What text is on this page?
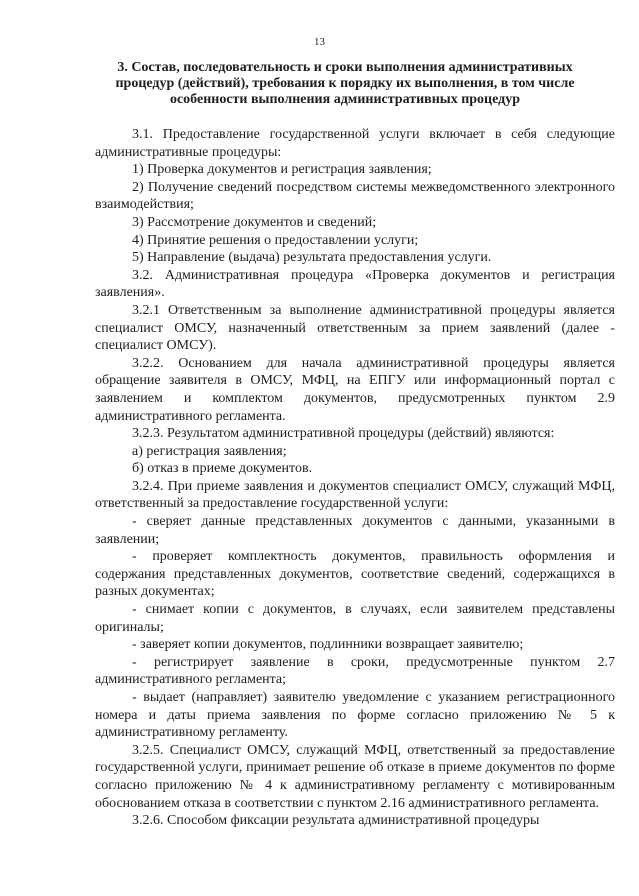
13
3. Состав, последовательность и сроки выполнения административных процедур (действий), требования к порядку их выполнения, в том числе особенности выполнения административных процедур

3.1. Предоставление государственной услуги включает в себя следующие административные процедуры:

1) Проверка документов и регистрация заявления;

2) Получение сведений посредством системы межведомственного электронного взаимодействия;

3) Рассмотрение документов и сведений;

4) Принятие решения о предоставлении услуги;

5) Направление (выдача) результата предоставления услуги.

3.2. Административная процедура «Проверка документов и регистрация заявления».

3.2.1 Ответственным за выполнение административной процедуры является специалист ОМСУ, назначенный ответственным за прием заявлений (далее - специалист ОМСУ).

3.2.2. Основанием для начала административной процедуры является обращение заявителя в ОМСУ, МФЦ, на ЕПГУ или информационный портал с заявлением и комплектом документов, предусмотренных пунктом 2.9 административного регламента.

3.2.3. Результатом административной процедуры (действий) являются:

а) регистрация заявления;

б) отказ в приеме документов.

3.2.4. При приеме заявления и документов специалист ОМСУ, служащий МФЦ, ответственный за предоставление государственной услуги:

- сверяет данные представленных документов с данными, указанными в заявлении;

- проверяет комплектность документов, правильность оформления и содержания представленных документов, соответствие сведений, содержащихся в разных документах;

- снимает копии с документов, в случаях, если заявителем представлены оригиналы;

- заверяет копии документов, подлинники возвращает заявителю;

- регистрирует заявление в сроки, предусмотренные пунктом 2.7 административного регламента;

- выдает (направляет) заявителю уведомление с указанием регистрационного номера и даты приема заявления по форме согласно приложению № 5 к административному регламенту.

3.2.5. Специалист ОМСУ, служащий МФЦ, ответственный за предоставление государственной услуги, принимает решение об отказе в приеме документов по форме согласно приложению № 4 к административному регламенту с мотивированным обоснованием отказа в соответствии с пунктом 2.16 административного регламента.

3.2.6. Способом фиксации результата административной процедуры
